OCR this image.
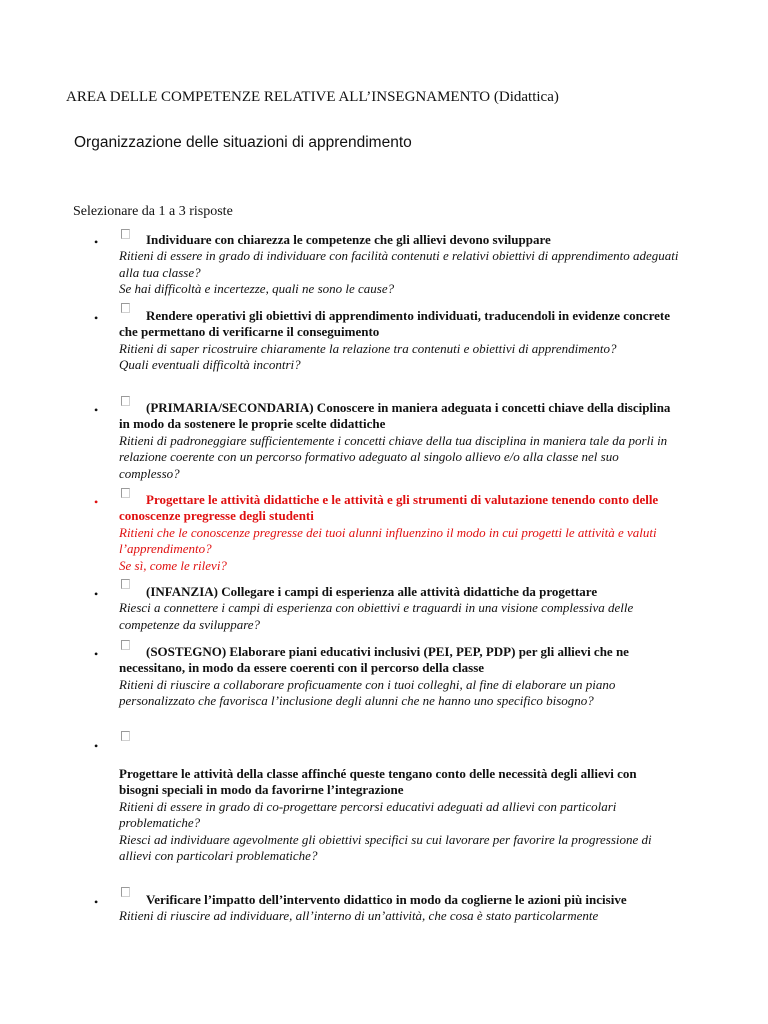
AREA DELLE COMPETENZE RELATIVE ALL’INSEGNAMENTO (Didattica)
Organizzazione delle situazioni di apprendimento
Selezionare da 1 a 3 risposte
•	Individuare con chiarezza le competenze che gli allievi devono sviluppare
Ritieni di essere in grado di individuare con facilità contenuti e relativi obiettivi di apprendimento adeguati alla tua classe?
Se hai difficoltà e incertezze, quali ne sono le cause?
•	Rendere operativi gli obiettivi di apprendimento individuati, traducendoli in evidenze concrete che permettano di verificarne il conseguimento
Ritieni di saper ricostruire chiaramente la relazione tra contenuti e obiettivi di apprendimento?
Quali eventuali difficoltà incontri?
•	(PRIMARIA/SECONDARIA) Conoscere in maniera adeguata i concetti chiave della disciplina in modo da sostenere le proprie scelte didattiche
Ritieni di padroneggiare sufficientemente i concetti chiave della tua disciplina in maniera tale da porli in relazione coerente con un percorso formativo adeguato al singolo allievo e/o alla classe nel suo complesso?
•	Progettare le attività didattiche e le attività e gli strumenti di valutazione tenendo conto delle conoscenze pregresse degli studenti
Ritieni che le conoscenze pregresse dei tuoi alunni influenzino il modo in cui progetti le attività e valuti l’apprendimento?
Se sì, come le rilevi?
•	(INFANZIA) Collegare i campi di esperienza alle attività didattiche da progettare
Riesci a connettere i campi di esperienza con obiettivi e traguardi in una visione complessiva delle competenze da sviluppare?
•	(SOSTEGNO) Elaborare piani educativi inclusivi (PEI, PEP, PDP) per gli allievi che ne necessitano, in modo da essere coerenti con il percorso della classe
Ritieni di riuscire a collaborare proficuamente con i tuoi colleghi, al fine di elaborare un piano personalizzato che favorisca l’inclusione degli alunni che ne hanno uno specifico bisogno?
•
Progettare le attività della classe affinché queste tengano conto delle necessità degli allievi con bisogni speciali in modo da favorirne l’integrazione
Ritieni di essere in grado di co-progettare percorsi educativi adeguati ad allievi con particolari problematiche?
Riesci ad individuare agevolmente gli obiettivi specifici su cui lavorare per favorire la progressione di allievi con particolari problematiche?
•	Verificare l’impatto dell’intervento didattico in modo da coglierne le azioni più incisive
Ritieni di riuscire ad individuare, all’interno di un’attività, che cosa è stato particolarmente
